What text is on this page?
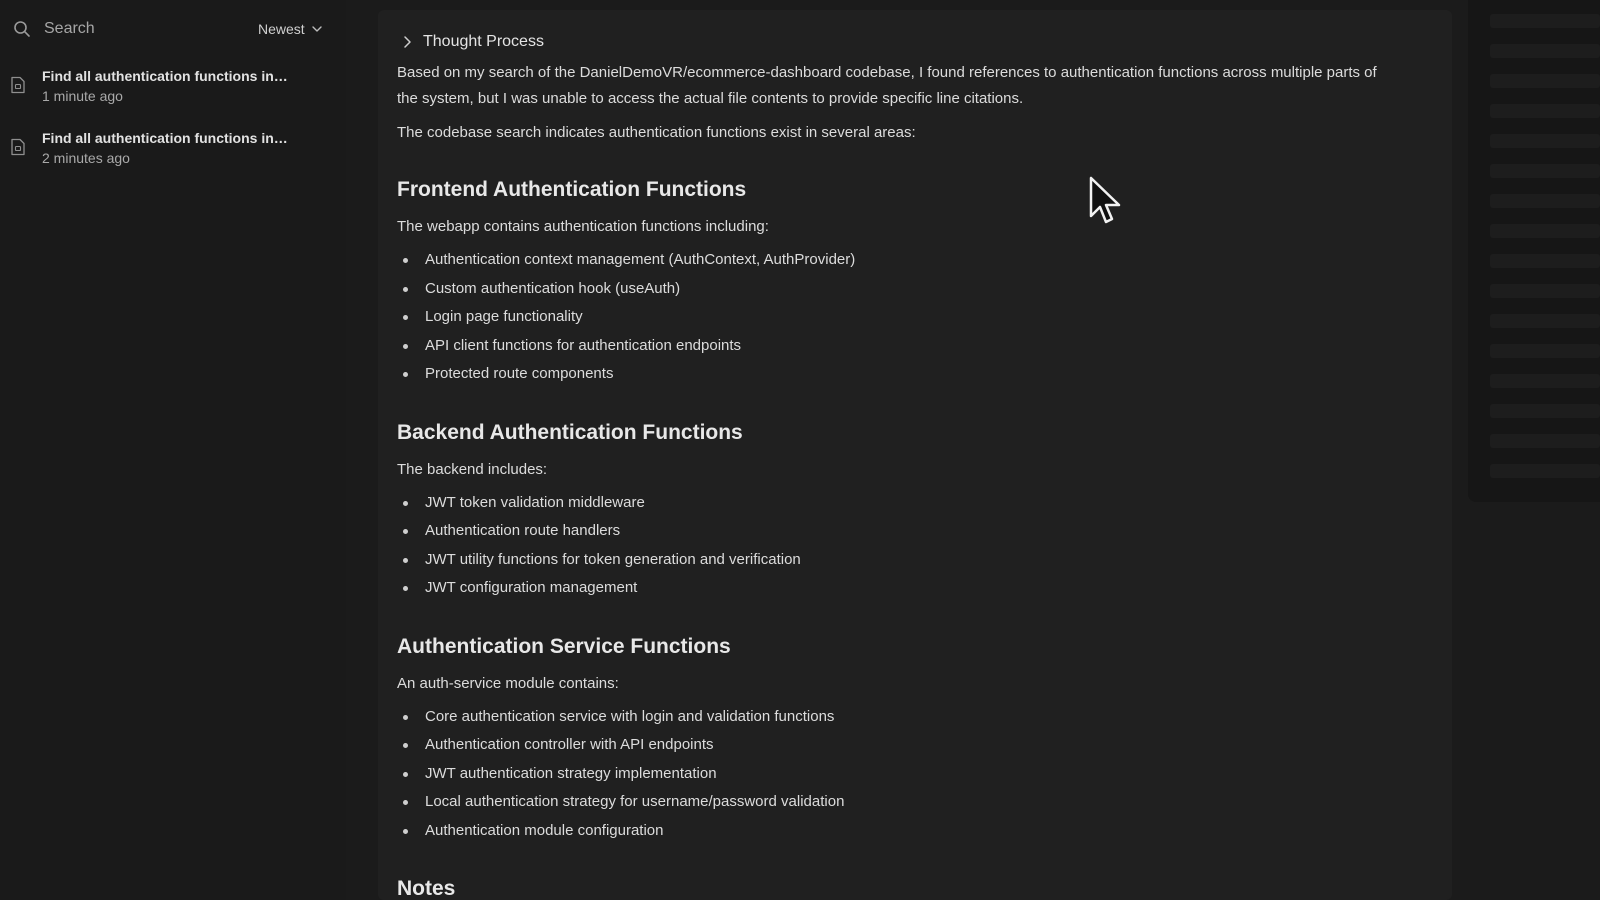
Search
Newest
Find all authentication functions in…
1 minute ago
Find all authentication functions in…
2 minutes ago
Thought Process

Based on my search of the DanielDemoVR/ecommerce-dashboard codebase, I found references to authentication functions across multiple parts of the system, but I was unable to access the actual file contents to provide specific line citations.

The codebase search indicates authentication functions exist in several areas:

Frontend Authentication Functions

The webapp contains authentication functions including:

Authentication context management (AuthContext, AuthProvider)
Custom authentication hook (useAuth)
Login page functionality
API client functions for authentication endpoints
Protected route components
Backend Authentication Functions

The backend includes:

JWT token validation middleware
Authentication route handlers
JWT utility functions for token generation and verification
JWT configuration management
Authentication Service Functions

An auth-service module contains:

Core authentication service with login and validation functions
Authentication controller with API endpoints
JWT authentication strategy implementation
Local authentication strategy for username/password validation
Authentication module configuration
Notes
